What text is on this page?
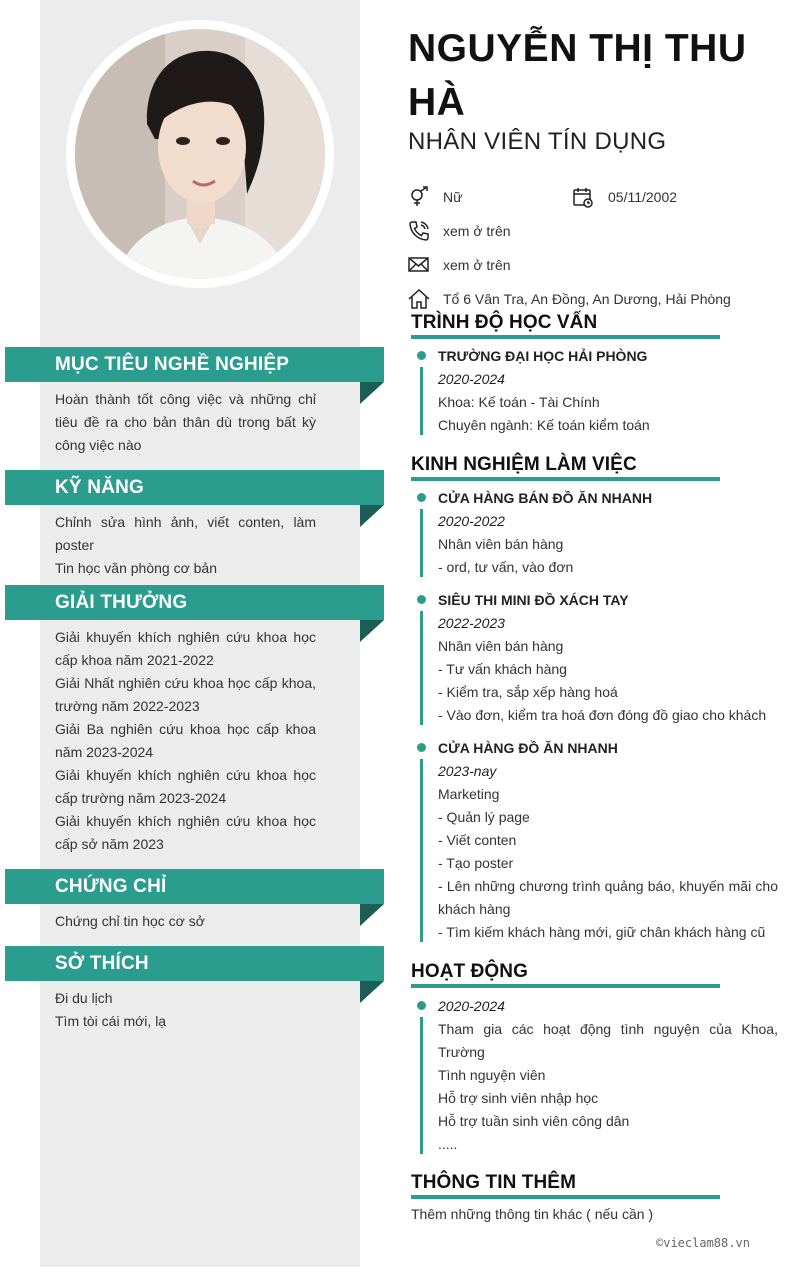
MỤC TIÊU NGHỀ NGHIỆP
Hoàn thành tốt công việc và những chỉ tiêu đề ra cho bản thân dù trong bất kỳ công việc nào
KỸ NĂNG
Chỉnh sửa hình ảnh, viết conten, làm poster
Tin học văn phòng cơ bản
GIẢI THƯỞNG
Giải khuyến khích nghiên cứu khoa học cấp khoa năm 2021-2022
Giải Nhất nghiên cứu khoa học cấp khoa, trường năm 2022-2023
Giải Ba nghiên cứu khoa học cấp khoa năm 2023-2024
Giải khuyến khích nghiên cứu khoa học cấp trường năm 2023-2024
Giải khuyến khích nghiên cứu khoa học cấp sở năm 2023
CHỨNG CHỈ
Chứng chỉ tin học cơ sở
SỞ THÍCH
Đi du lịch
Tìm tòi cái mới, lạ
NGUYỄN THỊ THU HÀ
NHÂN VIÊN TÍN DỤNG
Nữ	05/11/2002
xem ở trên
xem ở trên
Tổ 6 Vân Tra, An Đồng, An Dương, Hải Phòng
TRÌNH ĐỘ HỌC VẤN
TRƯỜNG ĐẠI HỌC HẢI PHÒNG
2020-2024
Khoa: Kế toán - Tài Chính
Chuyên ngành: Kế toán kiểm toán
KINH NGHIỆM LÀM VIỆC
CỬA HÀNG BÁN ĐỒ ĂN NHANH
2020-2022
Nhân viên bán hàng
- ord, tư vấn, vào đơn
SIÊU THI MINI ĐỒ XÁCH TAY
2022-2023
Nhân viên bán hàng
- Tư vấn khách hàng
- Kiểm tra, sắp xếp hàng hoá
- Vào đơn, kiểm tra hoá đơn đóng đồ giao cho khách
CỬA HÀNG ĐỒ ĂN NHANH
2023-nay
Marketing
- Quản lý page
- Viết conten
- Tạo poster
- Lên những chương trình quảng báo, khuyến mãi cho khách hàng
- Tìm kiếm khách hàng mới, giữ chân khách hàng cũ
HOẠT ĐỘNG
2020-2024
Tham gia các hoạt động tình nguyện của Khoa, Trường
Tình nguyện viên
Hỗ trợ sinh viên nhập học
Hỗ trợ tuần sinh viên công dân
.....
THÔNG TIN THÊM
Thêm những thông tin khác ( nếu cần )
©vieclam88.vn
